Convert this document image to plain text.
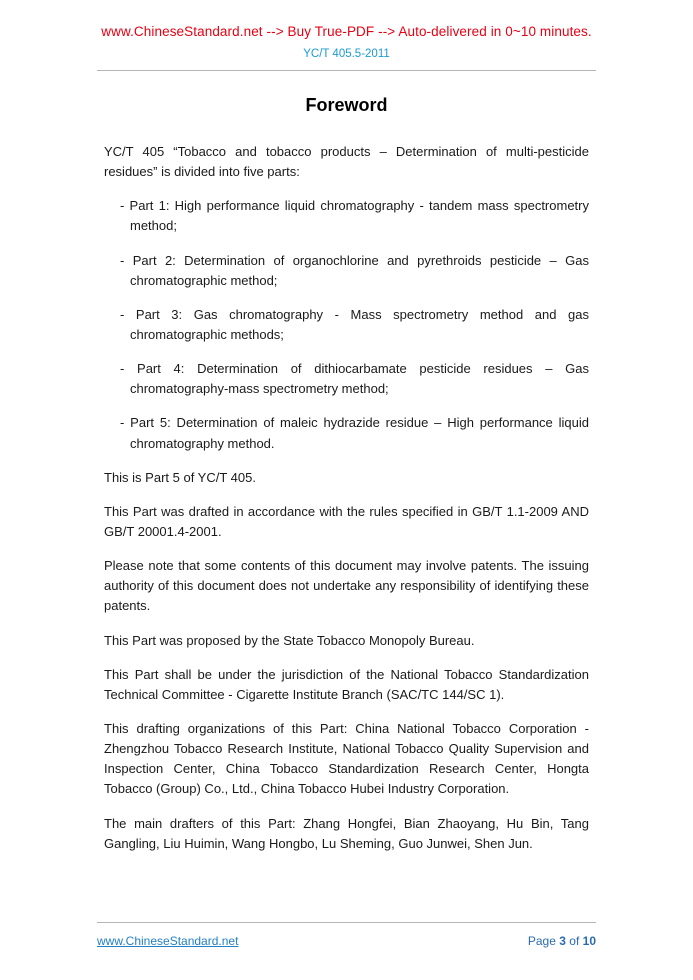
www.ChineseStandard.net --> Buy True-PDF --> Auto-delivered in 0~10 minutes.
YC/T 405.5-2011
Foreword

YC/T 405 “Tobacco and tobacco products – Determination of multi-pesticide residues” is divided into five parts:

- Part 1: High performance liquid chromatography - tandem mass spectrometry method;

- Part 2: Determination of organochlorine and pyrethroids pesticide – Gas chromatographic method;

- Part 3: Gas chromatography - Mass spectrometry method and gas chromatographic methods;

- Part 4: Determination of dithiocarbamate pesticide residues – Gas chromatography-mass spectrometry method;

- Part 5: Determination of maleic hydrazide residue – High performance liquid chromatography method.

This is Part 5 of YC/T 405.

This Part was drafted in accordance with the rules specified in GB/T 1.1-2009 AND GB/T 20001.4-2001.

Please note that some contents of this document may involve patents. The issuing authority of this document does not undertake any responsibility of identifying these patents.

This Part was proposed by the State Tobacco Monopoly Bureau.

This Part shall be under the jurisdiction of the National Tobacco Standardization Technical Committee - Cigarette Institute Branch (SAC/TC 144/SC 1).

This drafting organizations of this Part: China National Tobacco Corporation - Zhengzhou Tobacco Research Institute, National Tobacco Quality Supervision and Inspection Center, China Tobacco Standardization Research Center, Hongta Tobacco (Group) Co., Ltd., China Tobacco Hubei Industry Corporation.

The main drafters of this Part: Zhang Hongfei, Bian Zhaoyang, Hu Bin, Tang Gangling, Liu Huimin, Wang Hongbo, Lu Sheming, Guo Junwei, Shen Jun.

www.ChineseStandard.net	Page 3 of 10
